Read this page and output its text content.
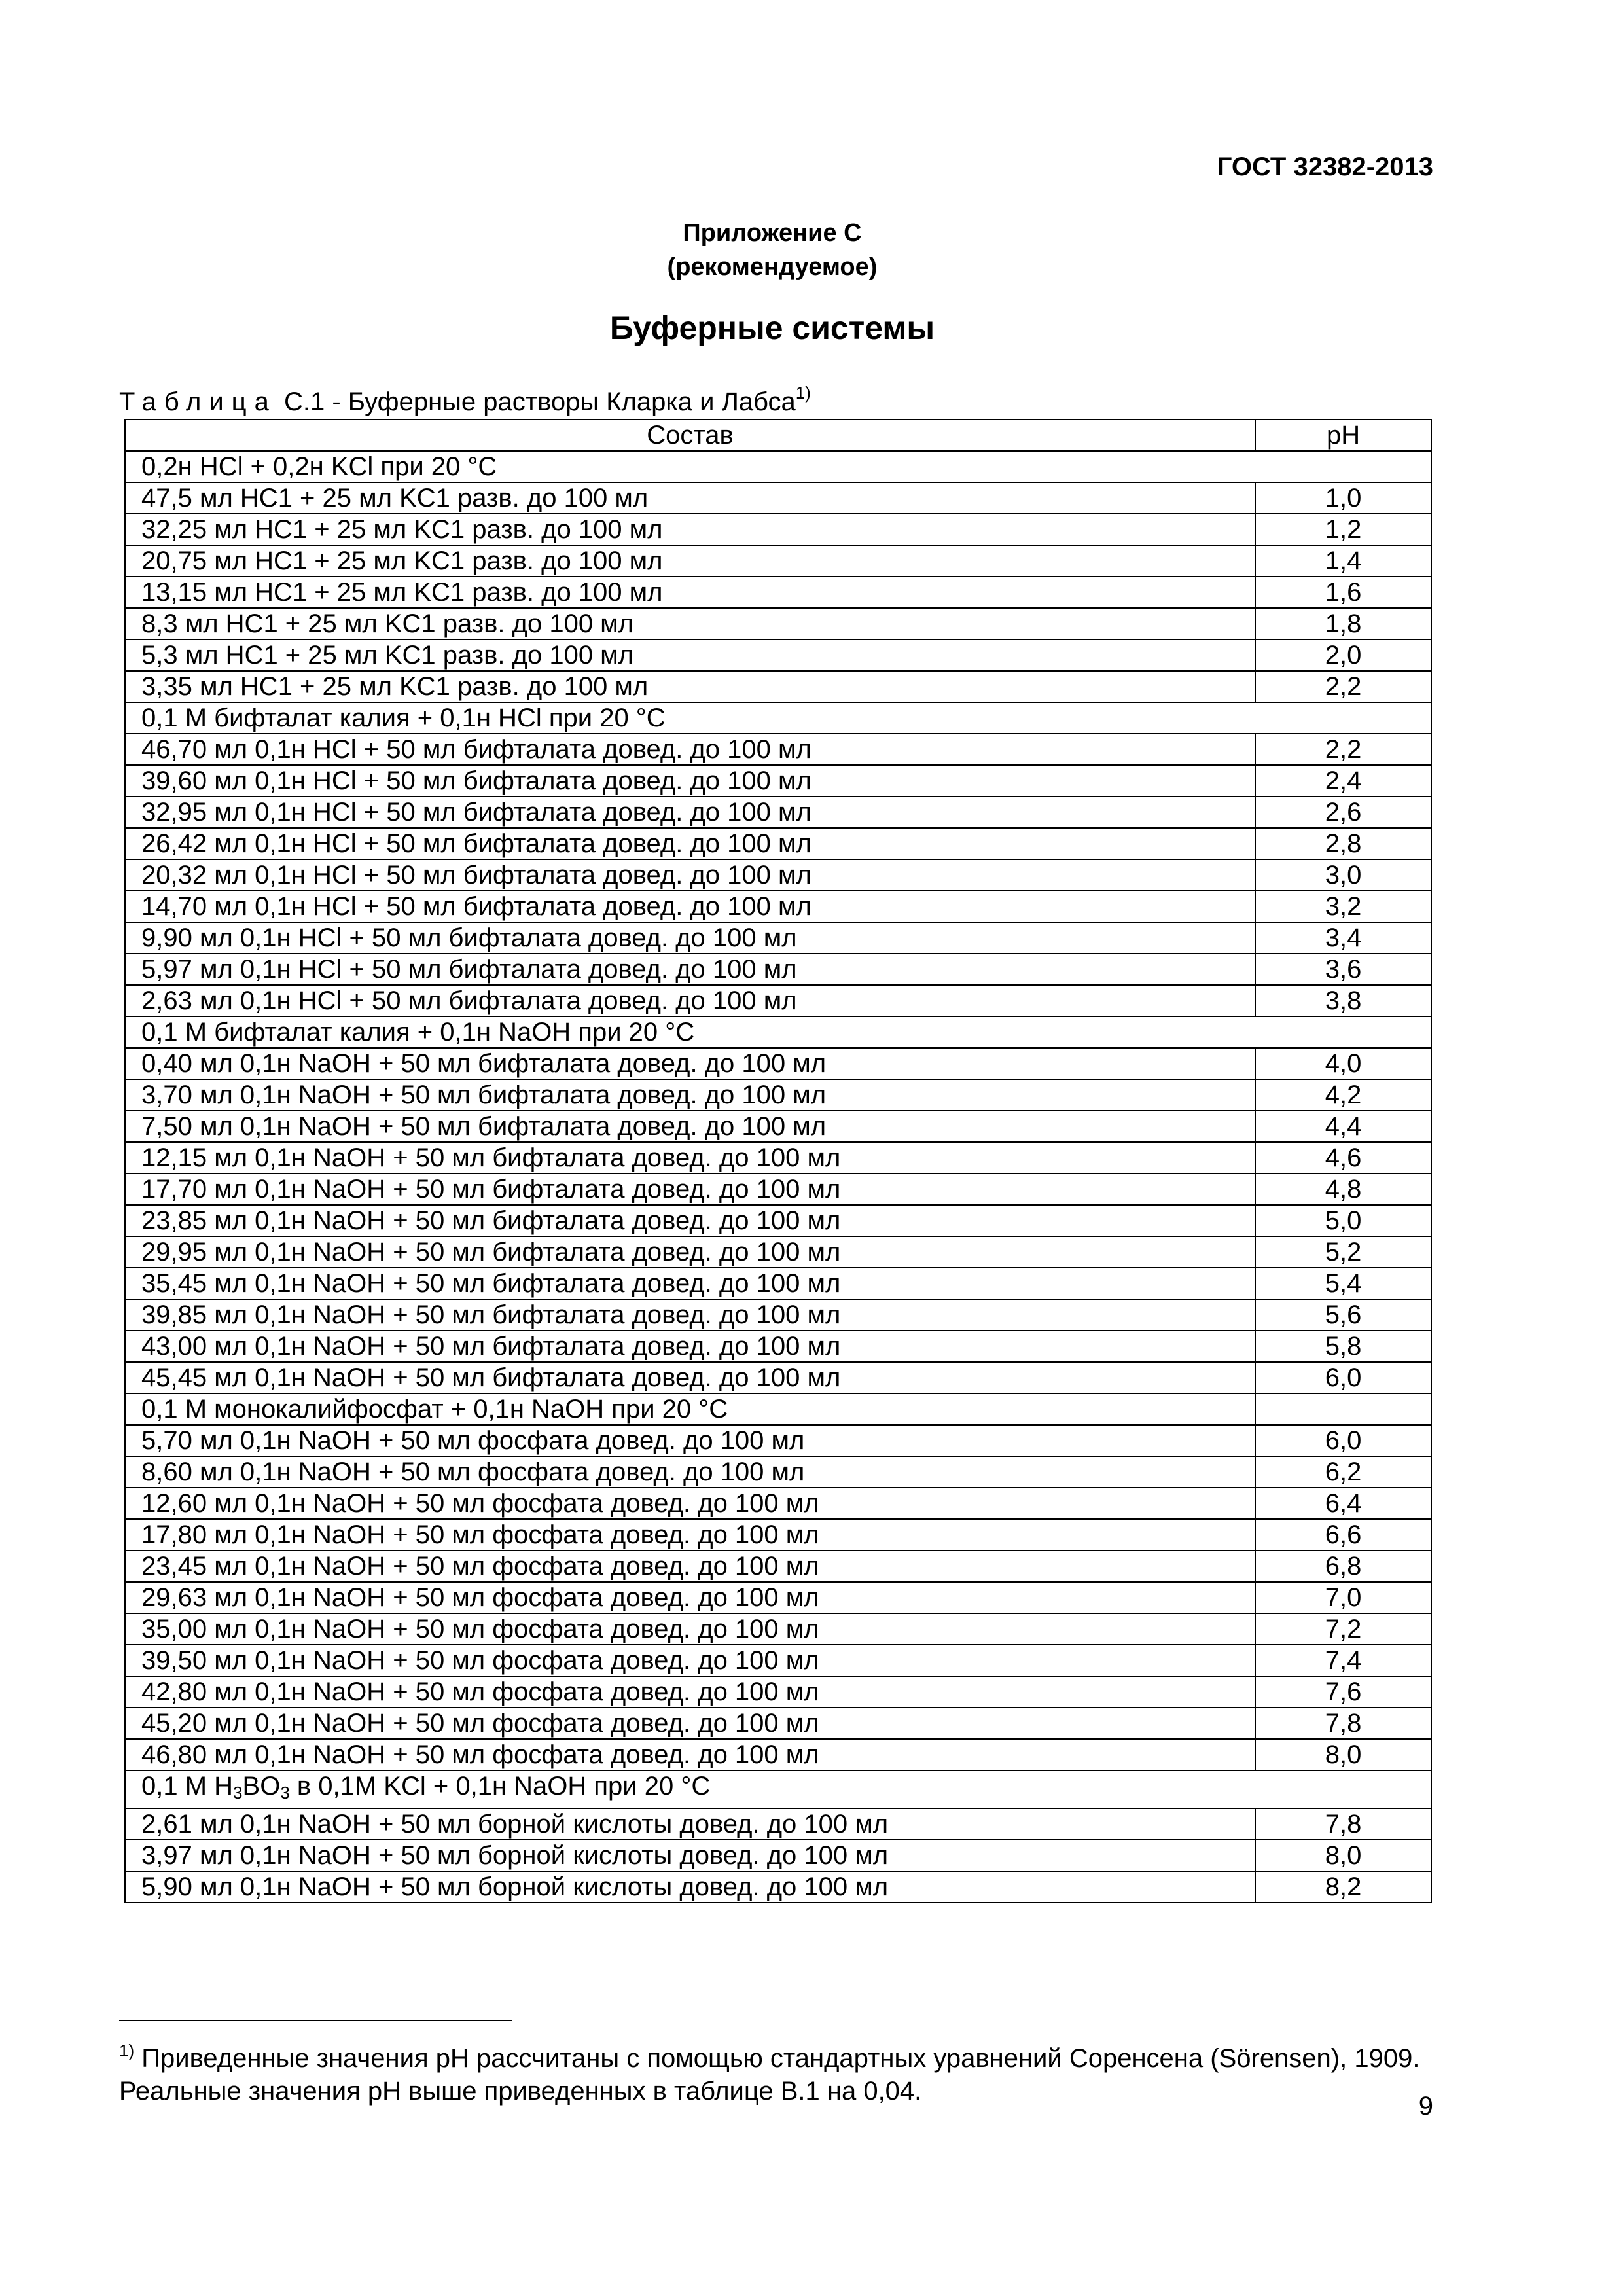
ГОСТ 32382-2013
Приложение С
(рекомендуемое)
Буферные системы
Таблица С.1 - Буферные растворы Кларка и Лабса$^{1)}$
Состав	pH
0,2н HCl + 0,2н KCl при 20 °C	
47,5 мл HC1 + 25 мл KC1 разв. до 100 мл	1,0
32,25 мл HC1 + 25 мл KC1 разв. до 100 мл	1,2
20,75 мл HC1 + 25 мл KC1 разв. до 100 мл	1,4
13,15 мл HC1 + 25 мл KC1 разв. до 100 мл	1,6
8,3 мл HC1 + 25 мл KC1 разв. до 100 мл	1,8
5,3 мл HC1 + 25 мл KC1 разв. до 100 мл	2,0
3,35 мл HC1 + 25 мл KC1 разв. до 100 мл	2,2
0,1 М бифталат калия + 0,1н HCl при 20 °C	
46,70 мл 0,1н HCl + 50 мл бифталата довед. до 100 мл	2,2
39,60 мл 0,1н HCl + 50 мл бифталата довед. до 100 мл	2,4
32,95 мл 0,1н HCl + 50 мл бифталата довед. до 100 мл	2,6
26,42 мл 0,1н HCl + 50 мл бифталата довед. до 100 мл	2,8
20,32 мл 0,1н HCl + 50 мл бифталата довед. до 100 мл	3,0
14,70 мл 0,1н HCl + 50 мл бифталата довед. до 100 мл	3,2
9,90 мл 0,1н HCl + 50 мл бифталата довед. до 100 мл	3,4
5,97 мл 0,1н HCl + 50 мл бифталата довед. до 100 мл	3,6
2,63 мл 0,1н HCl + 50 мл бифталата довед. до 100 мл	3,8
0,1 М бифталат калия + 0,1н NaOH при 20 °C	
0,40 мл 0,1н NaOH + 50 мл бифталата довед. до 100 мл	4,0
3,70 мл 0,1н NaOH + 50 мл бифталата довед. до 100 мл	4,2
7,50 мл 0,1н NaOH + 50 мл бифталата довед. до 100 мл	4,4
12,15 мл 0,1н NaOH + 50 мл бифталата довед. до 100 мл	4,6
17,70 мл 0,1н NaOH + 50 мл бифталата довед. до 100 мл	4,8
23,85 мл 0,1н NaOH + 50 мл бифталата довед. до 100 мл	5,0
29,95 мл 0,1н NaOH + 50 мл бифталата довед. до 100 мл	5,2
35,45 мл 0,1н NaOH + 50 мл бифталата довед. до 100 мл	5,4
39,85 мл 0,1н NaOH + 50 мл бифталата довед. до 100 мл	5,6
43,00 мл 0,1н NaOH + 50 мл бифталата довед. до 100 мл	5,8
45,45 мл 0,1н NaOH + 50 мл бифталата довед. до 100 мл	6,0
0,1 М монокалийфосфат + 0,1н NaOH при 20 °C	
5,70 мл 0,1н NaOH + 50 мл фосфата довед. до 100 мл	6,0
8,60 мл 0,1н NaOH + 50 мл фосфата довед. до 100 мл	6,2
12,60 мл 0,1н NaOH + 50 мл фосфата довед. до 100 мл	6,4
17,80 мл 0,1н NaOH + 50 мл фосфата довед. до 100 мл	6,6
23,45 мл 0,1н NaOH + 50 мл фосфата довед. до 100 мл	6,8
29,63 мл 0,1н NaOH + 50 мл фосфата довед. до 100 мл	7,0
35,00 мл 0,1н NaOH + 50 мл фосфата довед. до 100 мл	7,2
39,50 мл 0,1н NaOH + 50 мл фосфата довед. до 100 мл	7,4
42,80 мл 0,1н NaOH + 50 мл фосфата довед. до 100 мл	7,6
45,20 мл 0,1н NaOH + 50 мл фосфата довед. до 100 мл	7,8
46,80 мл 0,1н NaOH + 50 мл фосфата довед. до 100 мл	8,0
0,1 М $H_3BO_3$ в 0,1М KCl + 0,1н NaOH при 20 °C	
2,61 мл 0,1н NaOH + 50 мл борной кислоты довед. до 100 мл	7,8
3,97 мл 0,1н NaOH + 50 мл борной кислоты довед. до 100 мл	8,0
5,90 мл 0,1н NaOH + 50 мл борной кислоты довед. до 100 мл	8,2
$^{1)}$ Приведенные значения pH рассчитаны с помощью стандартных уравнений Соренсена (Sörensen), 1909. Реальные значения pH выше приведенных в таблице В.1 на 0,04.
9
